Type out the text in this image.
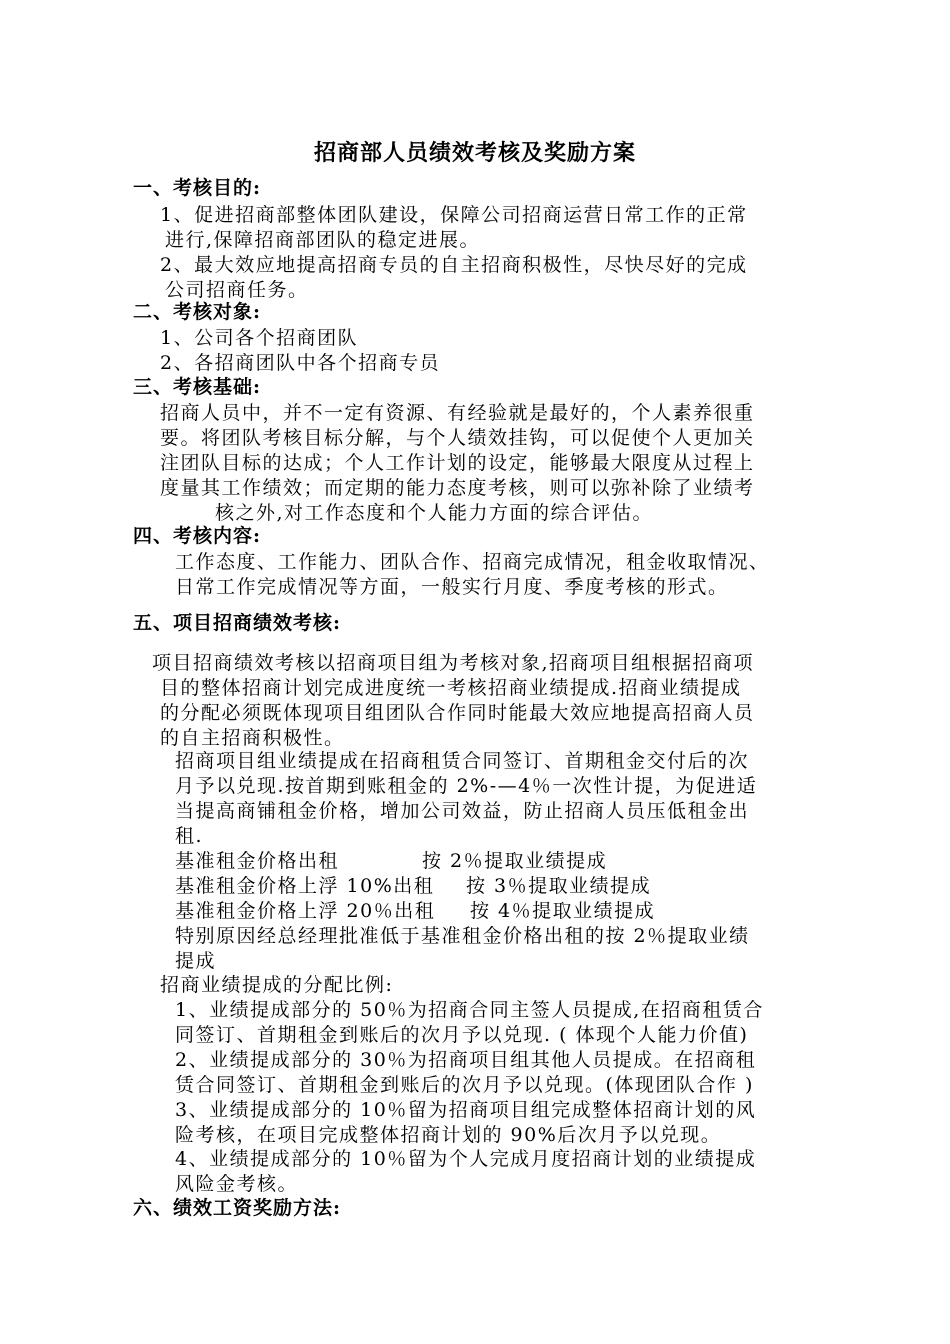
招商部人员绩效考核及奖励方案
一、考核目的:
1、促进招商部整体团队建设，保障公司招商运营日常工作的正常
进行,保障招商部团队的稳定进展。
2、最大效应地提高招商专员的自主招商积极性，尽快尽好的完成
公司招商任务。
二、考核对象:
1、公司各个招商团队
2、各招商团队中各个招商专员
三、考核基础:
招商人员中，并不一定有资源、有经验就是最好的，个人素养很重
要。将团队考核目标分解，与个人绩效挂钩，可以促使个人更加关
注团队目标的达成；个人工作计划的设定，能够最大限度从过程上
度量其工作绩效；而定期的能力态度考核，则可以弥补除了业绩考
核之外,对工作态度和个人能力方面的综合评估。
四、考核内容:
工作态度、工作能力、团队合作、招商完成情况，租金收取情况、
日常工作完成情况等方面，一般实行月度、季度考核的形式。
五、项目招商绩效考核:
项目招商绩效考核以招商项目组为考核对象,招商项目组根据招商项
目的整体招商计划完成进度统一考核招商业绩提成.招商业绩提成
的分配必须既体现项目组团队合作同时能最大效应地提高招商人员
的自主招商积极性。
招商项目组业绩提成在招商租赁合同签订、首期租金交付后的次
月予以兑现.按首期到账租金的 2%-—4％一次性计提，为促进适
当提高商铺租金价格，增加公司效益，防止招商人员压低租金出
租.
基准租金价格出租	按 2％提取业绩提成
基准租金价格上浮 10%出租 按 3％提取业绩提成
基准租金价格上浮 20％出租 按 4％提取业绩提成
特别原因经总经理批准低于基准租金价格出租的按 2％提取业绩
提成
招商业绩提成的分配比例:
1、业绩提成部分的 50％为招商合同主签人员提成,在招商租赁合
同签订、首期租金到账后的次月予以兑现. ( 体现个人能力价值)
2、业绩提成部分的 30％为招商项目组其他人员提成。在招商租
赁合同签订、首期租金到账后的次月予以兑现。(体现团队合作 )
3、业绩提成部分的 10％留为招商项目组完成整体招商计划的风
险考核，在项目完成整体招商计划的 90%后次月予以兑现。
4、业绩提成部分的 10％留为个人完成月度招商计划的业绩提成
风险金考核。
六、绩效工资奖励方法:
